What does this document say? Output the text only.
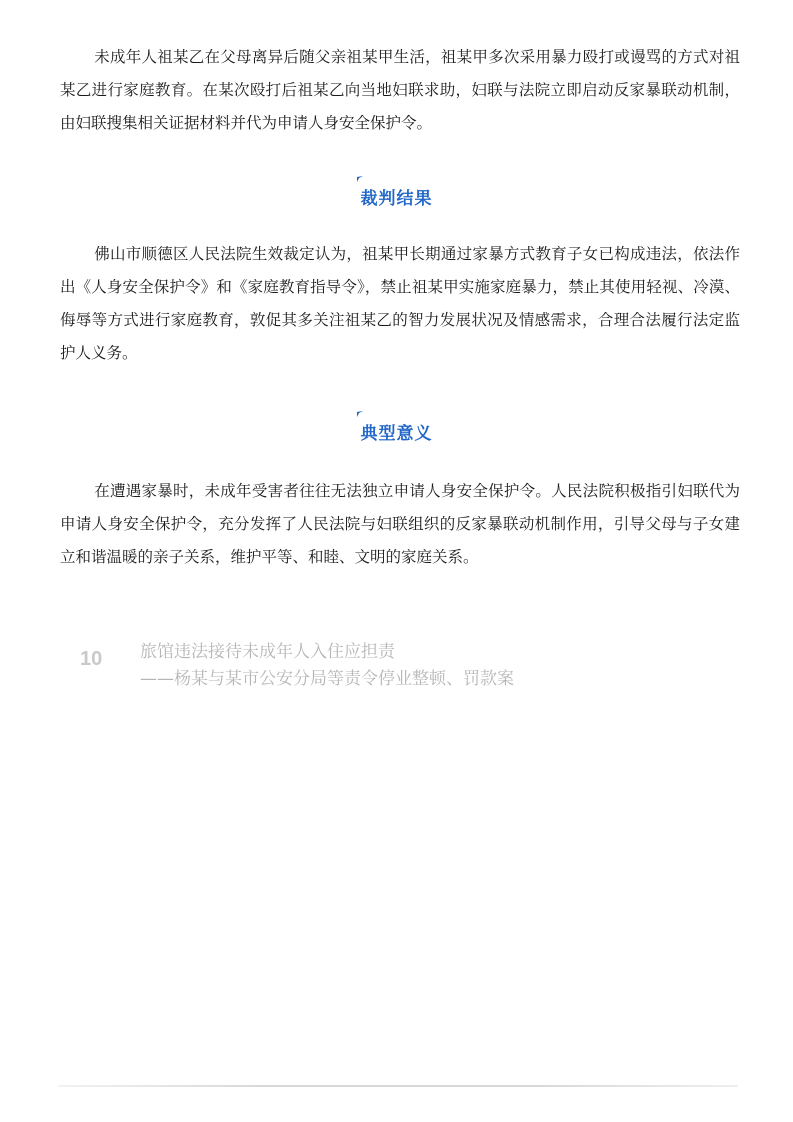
未成年人祖某乙在父母离异后随父亲祖某甲生活，祖某甲多次采用暴力殴打或谩骂的方式对祖某乙进行家庭教育。在某次殴打后祖某乙向当地妇联求助，妇联与法院立即启动反家暴联动机制，由妇联搜集相关证据材料并代为申请人身安全保护令。
裁判结果
佛山市顺德区人民法院生效裁定认为，祖某甲长期通过家暴方式教育子女已构成违法，依法作出《人身安全保护令》和《家庭教育指导令》，禁止祖某甲实施家庭暴力，禁止其使用轻视、冷漠、侮辱等方式进行家庭教育，敦促其多关注祖某乙的智力发展状况及情感需求，合理合法履行法定监护人义务。
典型意义
在遭遇家暴时，未成年受害者往往无法独立申请人身安全保护令。人民法院积极指引妇联代为申请人身安全保护令，充分发挥了人民法院与妇联组织的反家暴联动机制作用，引导父母与子女建立和谐温暖的亲子关系，维护平等、和睦、文明的家庭关系。
10 旅馆违法接待未成年人入住应担责
——杨某与某市公安分局等责令停业整顿、罚款案
